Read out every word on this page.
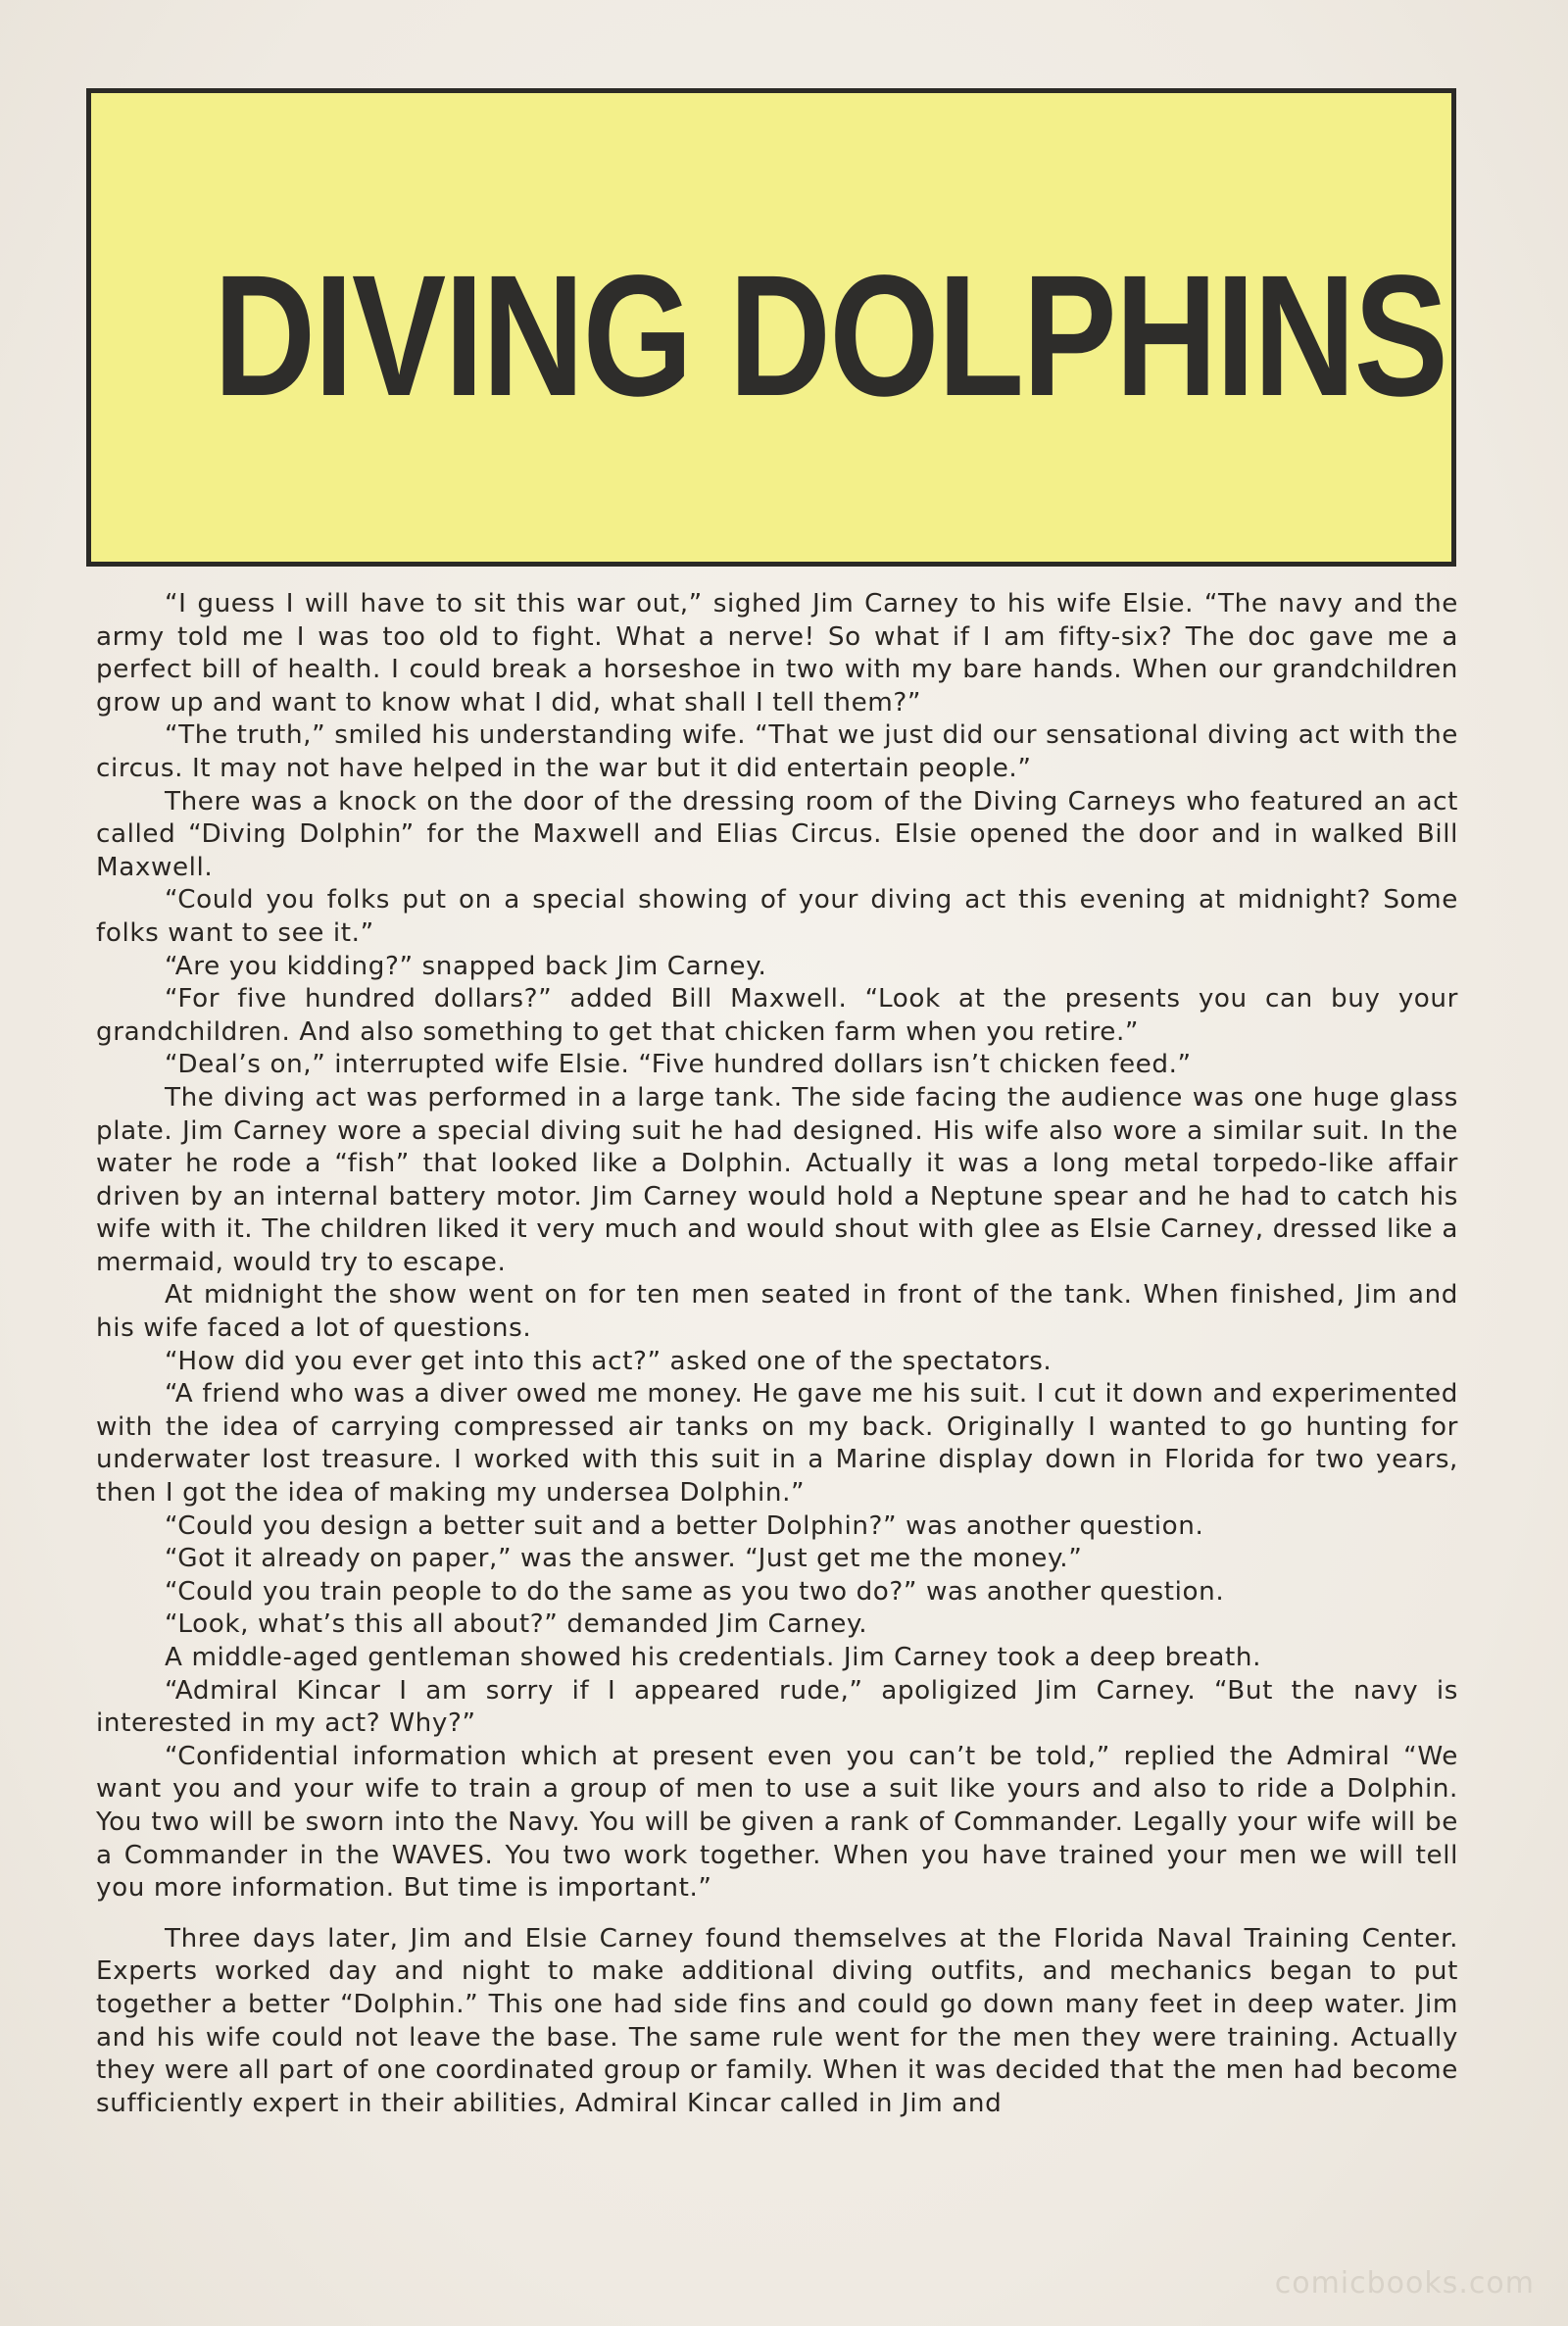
DIVING DOLPHINS

“I guess I will have to sit this war out,” sighed Jim Carney to his wife Elsie. “The navy and the army told me I was too old to fight. What a nerve! So what if I am fifty-six? The doc gave me a perfect bill of health. I could break a horseshoe in two with my bare hands. When our grandchildren grow up and want to know what I did, what shall I tell them?”

“The truth,” smiled his understanding wife. “That we just did our sensational diving act with the circus. It may not have helped in the war but it did entertain people.”

There was a knock on the door of the dressing room of the Diving Carneys who featured an act called “Diving Dolphin” for the Maxwell and Elias Circus. Elsie opened the door and in walked Bill Maxwell.

“Could you folks put on a special showing of your diving act this evening at midnight? Some folks want to see it.”

“Are you kidding?” snapped back Jim Carney.

“For five hundred dollars?” added Bill Maxwell. “Look at the presents you can buy your grandchildren. And also something to get that chicken farm when you retire.”

“Deal’s on,” interrupted wife Elsie. “Five hundred dollars isn’t chicken feed.”

The diving act was performed in a large tank. The side facing the audience was one huge glass plate. Jim Carney wore a special diving suit he had designed. His wife also wore a similar suit. In the water he rode a “fish” that looked like a Dolphin. Actually it was a long metal torpedo-like affair driven by an internal battery motor. Jim Carney would hold a Neptune spear and he had to catch his wife with it. The children liked it very much and would shout with glee as Elsie Carney, dressed like a mermaid, would try to escape.

At midnight the show went on for ten men seated in front of the tank. When finished, Jim and his wife faced a lot of questions.

“How did you ever get into this act?” asked one of the spectators.

“A friend who was a diver owed me money. He gave me his suit. I cut it down and experimented with the idea of carrying compressed air tanks on my back. Originally I wanted to go hunting for underwater lost treasure. I worked with this suit in a Marine display down in Florida for two years, then I got the idea of making my undersea Dolphin.”

“Could you design a better suit and a better Dolphin?” was another question.

“Got it already on paper,” was the answer. “Just get me the money.”

“Could you train people to do the same as you two do?” was another question.

“Look, what’s this all about?” demanded Jim Carney.

A middle-aged gentleman showed his credentials. Jim Carney took a deep breath.

“Admiral Kincar I am sorry if I appeared rude,” apoligized Jim Carney. “But the navy is interested in my act? Why?”

“Confidential information which at present even you can’t be told,” replied the Admiral “We want you and your wife to train a group of men to use a suit like yours and also to ride a Dolphin. You two will be sworn into the Navy. You will be given a rank of Commander. Legally your wife will be a Commander in the WAVES. You two work together. When you have trained your men we will tell you more information. But time is important.”

Three days later, Jim and Elsie Carney found themselves at the Florida Naval Training Center. Experts worked day and night to make additional diving outfits, and mechanics began to put together a better “Dolphin.” This one had side fins and could go down many feet in deep water. Jim and his wife could not leave the base. The same rule went for the men they were training. Actually they were all part of one coordinated group or family. When it was decided that the men had become sufficiently expert in their abilities, Admiral Kincar called in Jim and

comicbooks.com
